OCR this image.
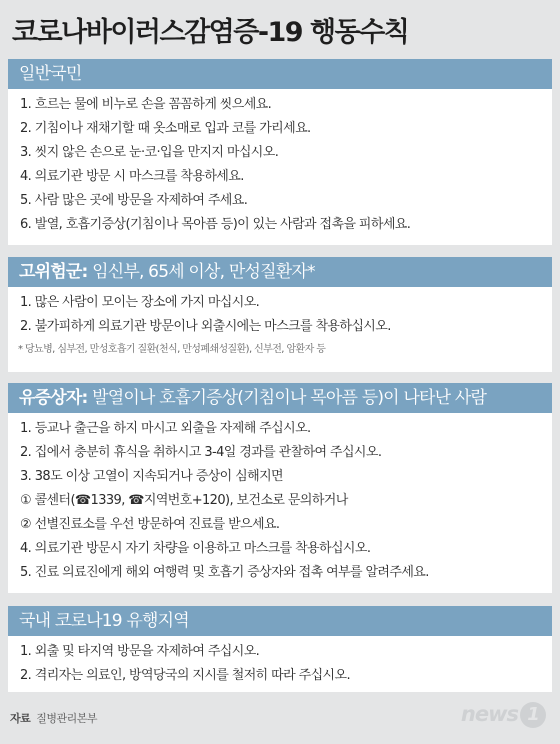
코로나바이러스감염증-19 행동수칙
일반국민
1. 흐르는 물에 비누로 손을 꼼꼼하게 씻으세요.
2. 기침이나 재채기할 때 옷소매로 입과 코를 가리세요.
3. 씻지 않은 손으로 눈·코·입을 만지지 마십시오.
4. 의료기관 방문 시 마스크를 착용하세요.
5. 사람 많은 곳에 방문을 자제하여 주세요.
6. 발열, 호흡기증상(기침이나 목아픔 등)이 있는 사람과 접촉을 피하세요.
고위험군: 임신부, 65세 이상, 만성질환자*
1. 많은 사람이 모이는 장소에 가지 마십시오.
2. 불가피하게 의료기관 방문이나 외출시에는 마스크를 착용하십시오.
* 당뇨병, 심부전, 만성호흡기 질환(천식, 만성폐쇄성질환), 신부전, 암환자 등
유증상자: 발열이나 호흡기증상(기침이나 목아픔 등)이 나타난 사람
1. 등교나 출근을 하지 마시고 외출을 자제해 주십시오.
2. 집에서 충분히 휴식을 취하시고 3-4일 경과를 관찰하여 주십시오.
3. 38도 이상 고열이 지속되거나 증상이 심해지면
① 콜센터(☎1339, ☎지역번호+120), 보건소로 문의하거나
② 선별진료소를 우선 방문하여 진료를 받으세요.
4. 의료기관 방문시 자기 차량을 이용하고 마스크를 착용하십시오.
5. 진료 의료진에게 해외 여행력 및 호흡기 증상자와 접촉 여부를 알려주세요.
국내 코로나19 유행지역
1. 외출 및 타지역 방문을 자제하여 주십시오.
2. 격리자는 의료인, 방역당국의 지시를 철저히 따라 주십시오.
자료 질병관리본부	news 1
